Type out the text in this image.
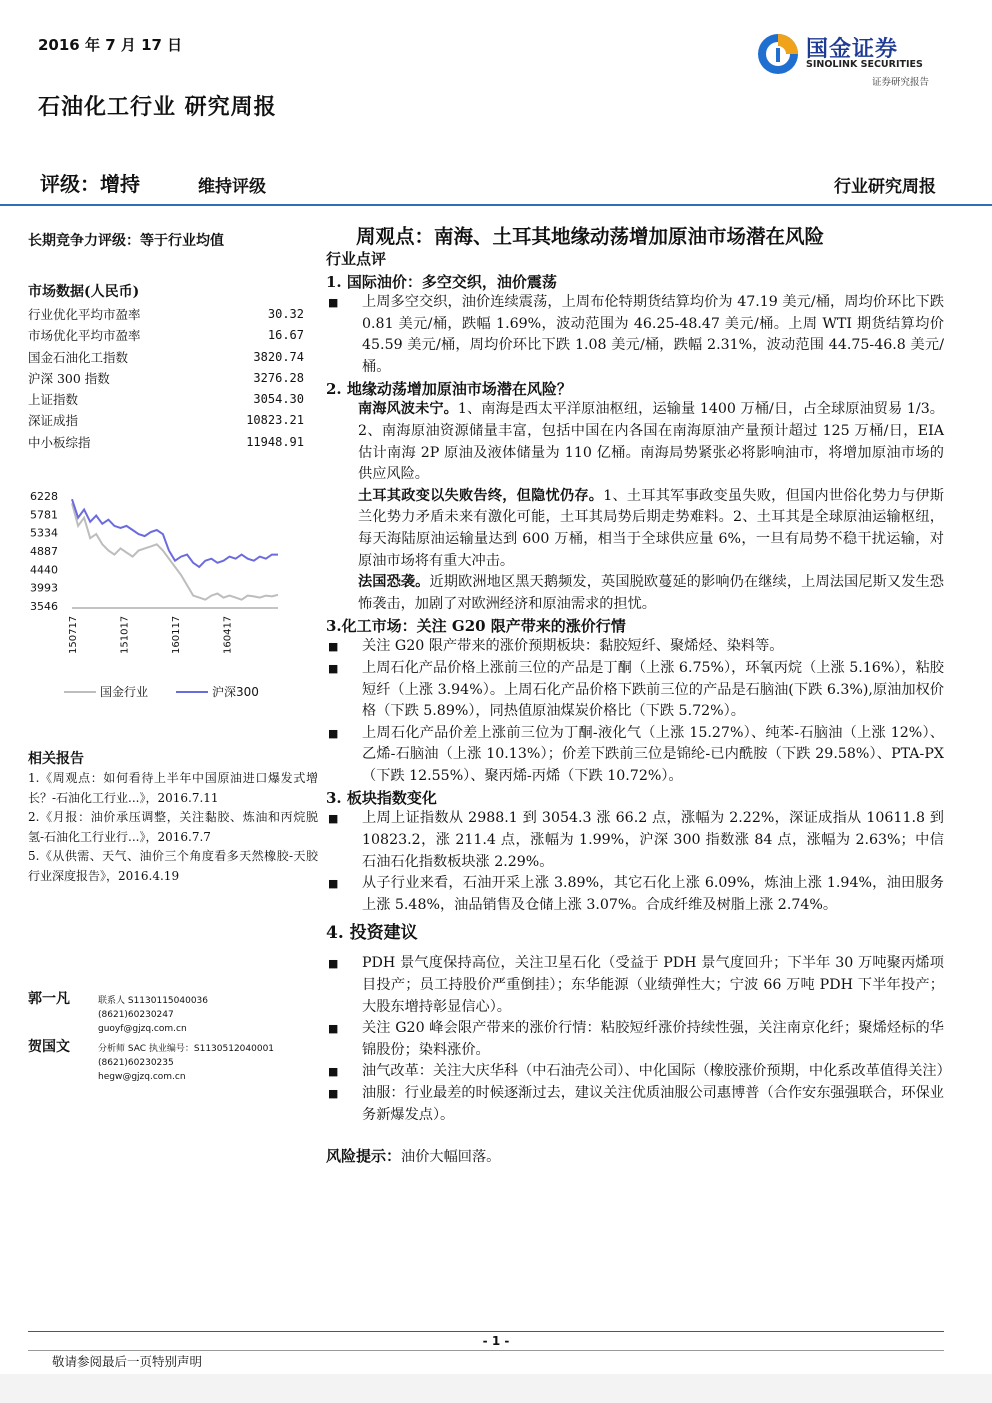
2016 年 7 月 17 日
石油化工行业 研究周报
国金证券
SINOLINK SECURITIES
证券研究报告
评级：增持	维持评级	行业研究周报
长期竞争力评级：等于行业均值
市场数据(人民币)
行业优化平均市盈率	30.32
市场优化平均市盈率	16.67
国金石油化工指数	3820.74
沪深 300 指数	3276.28
上证指数	3054.30
深证成指	10823.21
中小板综指	11948.91
6228
5781
5334
4887
4440
3993
3546
150717	151017	160117	160417
国金行业	沪深300
相关报告
1.《周观点：如何看待上半年中国原油进口爆发式增长？-石油化工行业...》，2016.7.11
2.《月报：油价承压调整，关注黏胶、炼油和丙烷脱氢-石油化工行业行...》，2016.7.7
5.《从供需、天气、油价三个角度看多天然橡胶-天胶行业深度报告》，2016.4.19
郭一凡	联系人 S1130115040036
(8621)60230247
guoyf@gjzq.com.cn
贺国文	分析师 SAC 执业编号：S1130512040001
(8621)60230235
hegw@gjzq.com.cn
周观点：南海、土耳其地缘动荡增加原油市场潜在风险
行业点评
1. 国际油价：多空交织，油价震荡
■ 上周多空交织，油价连续震荡，上周布伦特期货结算均价为 47.19 美元/桶，周均价环比下跌 0.81 美元/桶，跌幅 1.69%，波动范围为 46.25-48.47 美元/桶。上周 WTI 期货结算均价 45.59 美元/桶，周均价环比下跌 1.08 美元/桶，跌幅 2.31%，波动范围 44.75-46.8 美元/桶。
2. 地缘动荡增加原油市场潜在风险？
南海风波未宁。1、南海是西太平洋原油枢纽，运输量 1400 万桶/日，占全球原油贸易 1/3。2、南海原油资源储量丰富，包括中国在内各国在南海原油产量预计超过 125 万桶/日，EIA 估计南海 2P 原油及液体储量为 110 亿桶。南海局势紧张必将影响油市，将增加原油市场的供应风险。
土耳其政变以失败告终，但隐忧仍存。1、土耳其军事政变虽失败，但国内世俗化势力与伊斯兰化势力矛盾未来有激化可能，土耳其局势后期走势难料。2、土耳其是全球原油运输枢纽，每天海陆原油运输量达到 600 万桶，相当于全球供应量 6%，一旦有局势不稳干扰运输，对原油市场将有重大冲击。
法国恐袭。近期欧洲地区黑天鹅频发，英国脱欧蔓延的影响仍在继续，上周法国尼斯又发生恐怖袭击，加剧了对欧洲经济和原油需求的担忧。
3.化工市场：关注 G20 限产带来的涨价行情
■ 关注 G20 限产带来的涨价预期板块：黏胶短纤、聚烯烃、染料等。
■ 上周石化产品价格上涨前三位的产品是丁酮（上涨 6.75%），环氧丙烷（上涨 5.16%），粘胶短纤（上涨 3.94%）。上周石化产品价格下跌前三位的产品是石脑油(下跌 6.3%),原油加权价格（下跌 5.89%），同热值原油煤炭价格比（下跌 5.72%）。
■ 上周石化产品价差上涨前三位为丁酮-液化气（上涨 15.27%）、纯苯-石脑油（上涨 12%）、乙烯-石脑油（上涨 10.13%）；价差下跌前三位是锦纶-已内酰胺（下跌 29.58%）、PTA-PX（下跌 12.55%）、聚丙烯-丙烯（下跌 10.72%）。
3. 板块指数变化
■ 上周上证指数从 2988.1 到 3054.3 涨 66.2 点，涨幅为 2.22%，深证成指从 10611.8 到 10823.2，涨 211.4 点，涨幅为 1.99%，沪深 300 指数涨 84 点，涨幅为 2.63%；中信石油石化指数板块涨 2.29%。
■ 从子行业来看，石油开采上涨 3.89%，其它石化上涨 6.09%，炼油上涨 1.94%，油田服务上涨 5.48%，油品销售及仓储上涨 3.07%。合成纤维及树脂上涨 2.74%。
4. 投资建议
■ PDH 景气度保持高位，关注卫星石化（受益于 PDH 景气度回升；下半年 30 万吨聚丙烯项目投产；员工持股价严重倒挂）；东华能源（业绩弹性大；宁波 66 万吨 PDH 下半年投产；大股东增持彰显信心）。
■ 关注 G20 峰会限产带来的涨价行情：粘胶短纤涨价持续性强，关注南京化纤；聚烯烃标的华锦股份；染料涨价。
■ 油气改革：关注大庆华科（中石油壳公司）、中化国际（橡胶涨价预期，中化系改革值得关注）
■ 油服：行业最差的时候逐渐过去，建议关注优质油服公司惠博普（合作安东强强联合，环保业务新爆发点）。
风险提示：油价大幅回落。
- 1 -
敬请参阅最后一页特别声明
